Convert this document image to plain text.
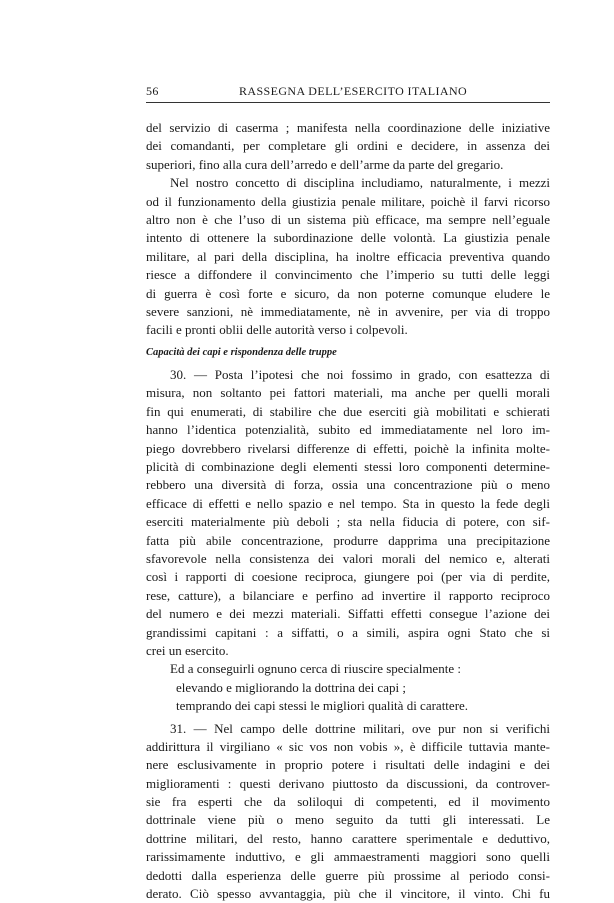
56	RASSEGNA DELL’ESERCITO ITALIANO
del servizio di caserma ; manifesta nella coordinazione delle iniziative
dei comandanti, per completare gli ordini e decidere, in assenza dei
superiori, fino alla cura dell’arredo e dell’arme da parte del gregario.
Nel nostro concetto di disciplina includiamo, naturalmente, i mezzi
od il funzionamento della giustizia penale militare, poichè il farvi ricorso
altro non è che l’uso di un sistema più efficace, ma sempre nell’eguale
intento di ottenere la subordinazione delle volontà. La giustizia penale
militare, al pari della disciplina, ha inoltre efficacia preventiva quando
riesce a diffondere il convincimento che l’imperio su tutti delle leggi
di guerra è così forte e sicuro, da non poterne comunque eludere le
severe sanzioni, nè immediatamente, nè in avvenire, per via di troppo
facili e pronti oblii delle autorità verso i colpevoli.
Capacità dei capi e rispondenza delle truppe
30. — Posta l’ipotesi che noi fossimo in grado, con esattezza di
misura, non soltanto pei fattori materiali, ma anche per quelli morali
fin qui enumerati, di stabilire che due eserciti già mobilitati e schierati
hanno l’identica potenzialità, subito ed immediatamente nel loro im-
piego dovrebbero rivelarsi differenze di effetti, poichè la infinita molte-
plicità di combinazione degli elementi stessi loro componenti determine-
rebbero una diversità di forza, ossia una concentrazione più o meno
efficace di effetti e nello spazio e nel tempo. Sta in questo la fede degli
eserciti materialmente più deboli ; sta nella fiducia di potere, con sif-
fatta più abile concentrazione, produrre dapprima una precipitazione
sfavorevole nella consistenza dei valori morali del nemico e, alterati
così i rapporti di coesione reciproca, giungere poi (per via di perdite,
rese, catture), a bilanciare e perfino ad invertire il rapporto reciproco
del numero e dei mezzi materiali. Siffatti effetti consegue l’azione dei
grandissimi capitani : a siffatti, o a simili, aspira ogni Stato che si
crei un esercito.
Ed a conseguirli ognuno cerca di riuscire specialmente :
elevando e migliorando la dottrina dei capi ;
temprando dei capi stessi le migliori qualità di carattere.
31. — Nel campo delle dottrine militari, ove pur non si verifichi
addirittura il virgiliano « sic vos non vobis », è difficile tuttavia mante-
nere esclusivamente in proprio potere i risultati delle indagini e dei
miglioramenti : questi derivano piuttosto da discussioni, da controver-
sie fra esperti che da soliloqui di competenti, ed il movimento
dottrinale viene più o meno seguito da tutti gli interessati. Le
dottrine militari, del resto, hanno carattere sperimentale e deduttivo,
rarissimamente induttivo, e gli ammaestramenti maggiori sono quelli
dedotti dalla esperienza delle guerre più prossime al periodo consi-
derato. Ciò spesso avvantaggia, più che il vincitore, il vinto. Chi fu
